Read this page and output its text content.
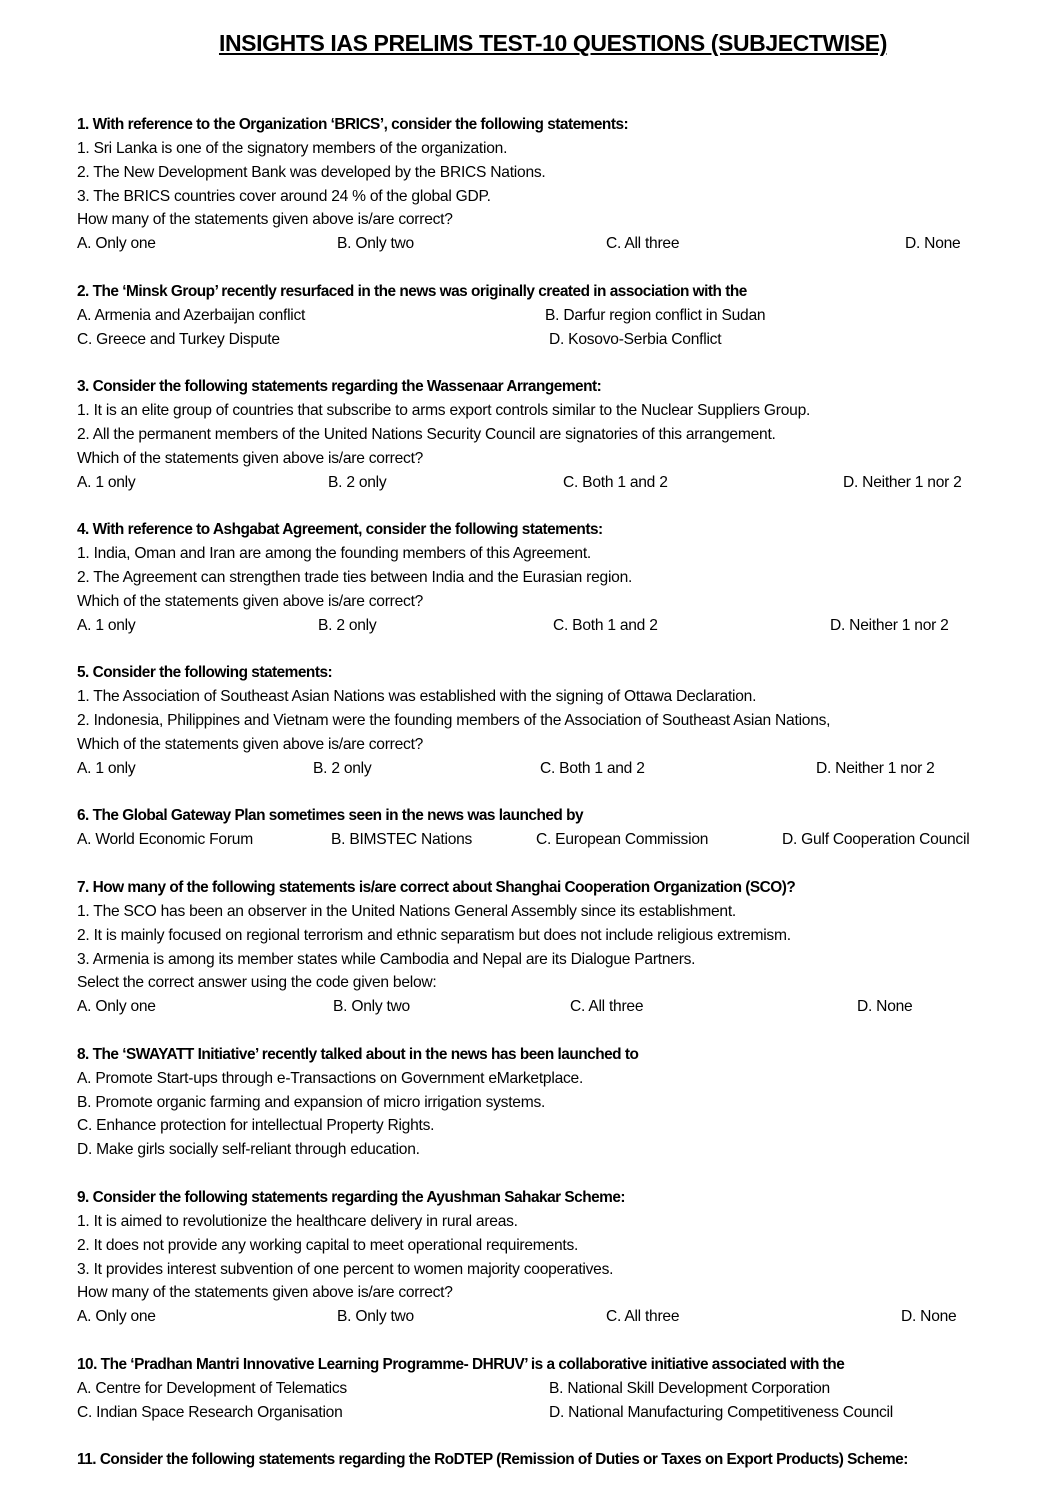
INSIGHTS IAS PRELIMS TEST-10 QUESTIONS (SUBJECTWISE)
1. With reference to the Organization ‘BRICS’, consider the following statements:
1. Sri Lanka is one of the signatory members of the organization.
2. The New Development Bank was developed by the BRICS Nations.
3. The BRICS countries cover around 24 % of the global GDP.
How many of the statements given above is/are correct?
A. Only one	B. Only two	C. All three	D. None
2. The ‘Minsk Group’ recently resurfaced in the news was originally created in association with the
A. Armenia and Azerbaijan conflict	B. Darfur region conflict in Sudan
C. Greece and Turkey Dispute	D. Kosovo-Serbia Conflict
3. Consider the following statements regarding the Wassenaar Arrangement:
1. It is an elite group of countries that subscribe to arms export controls similar to the Nuclear Suppliers Group.
2. All the permanent members of the United Nations Security Council are signatories of this arrangement.
Which of the statements given above is/are correct?
A. 1 only	B. 2 only	C. Both 1 and 2	D. Neither 1 nor 2
4. With reference to Ashgabat Agreement, consider the following statements:
1. India, Oman and Iran are among the founding members of this Agreement.
2. The Agreement can strengthen trade ties between India and the Eurasian region.
Which of the statements given above is/are correct?
A. 1 only	B. 2 only	C. Both 1 and 2	D. Neither 1 nor 2
5. Consider the following statements:
1. The Association of Southeast Asian Nations was established with the signing of Ottawa Declaration.
2. Indonesia, Philippines and Vietnam were the founding members of the Association of Southeast Asian Nations,
Which of the statements given above is/are correct?
A. 1 only	B. 2 only	C. Both 1 and 2	D. Neither 1 nor 2
6. The Global Gateway Plan sometimes seen in the news was launched by
A. World Economic Forum	B. BIMSTEC Nations	C. European Commission	D. Gulf Cooperation Council
7. How many of the following statements is/are correct about Shanghai Cooperation Organization (SCO)?
1. The SCO has been an observer in the United Nations General Assembly since its establishment.
2. It is mainly focused on regional terrorism and ethnic separatism but does not include religious extremism.
3. Armenia is among its member states while Cambodia and Nepal are its Dialogue Partners.
Select the correct answer using the code given below:
A. Only one	B. Only two	C. All three	D. None
8. The ‘SWAYATT Initiative’ recently talked about in the news has been launched to
A. Promote Start-ups through e-Transactions on Government eMarketplace.
B. Promote organic farming and expansion of micro irrigation systems.
C. Enhance protection for intellectual Property Rights.
D. Make girls socially self-reliant through education.
9. Consider the following statements regarding the Ayushman Sahakar Scheme:
1. It is aimed to revolutionize the healthcare delivery in rural areas.
2. It does not provide any working capital to meet operational requirements.
3. It provides interest subvention of one percent to women majority cooperatives.
How many of the statements given above is/are correct?
A. Only one	B. Only two	C. All three	D. None
10. The ‘Pradhan Mantri Innovative Learning Programme- DHRUV’ is a collaborative initiative associated with the
A. Centre for Development of Telematics	B. National Skill Development Corporation
C. Indian Space Research Organisation	D. National Manufacturing Competitiveness Council
11. Consider the following statements regarding the RoDTEP (Remission of Duties or Taxes on Export Products) Scheme:
